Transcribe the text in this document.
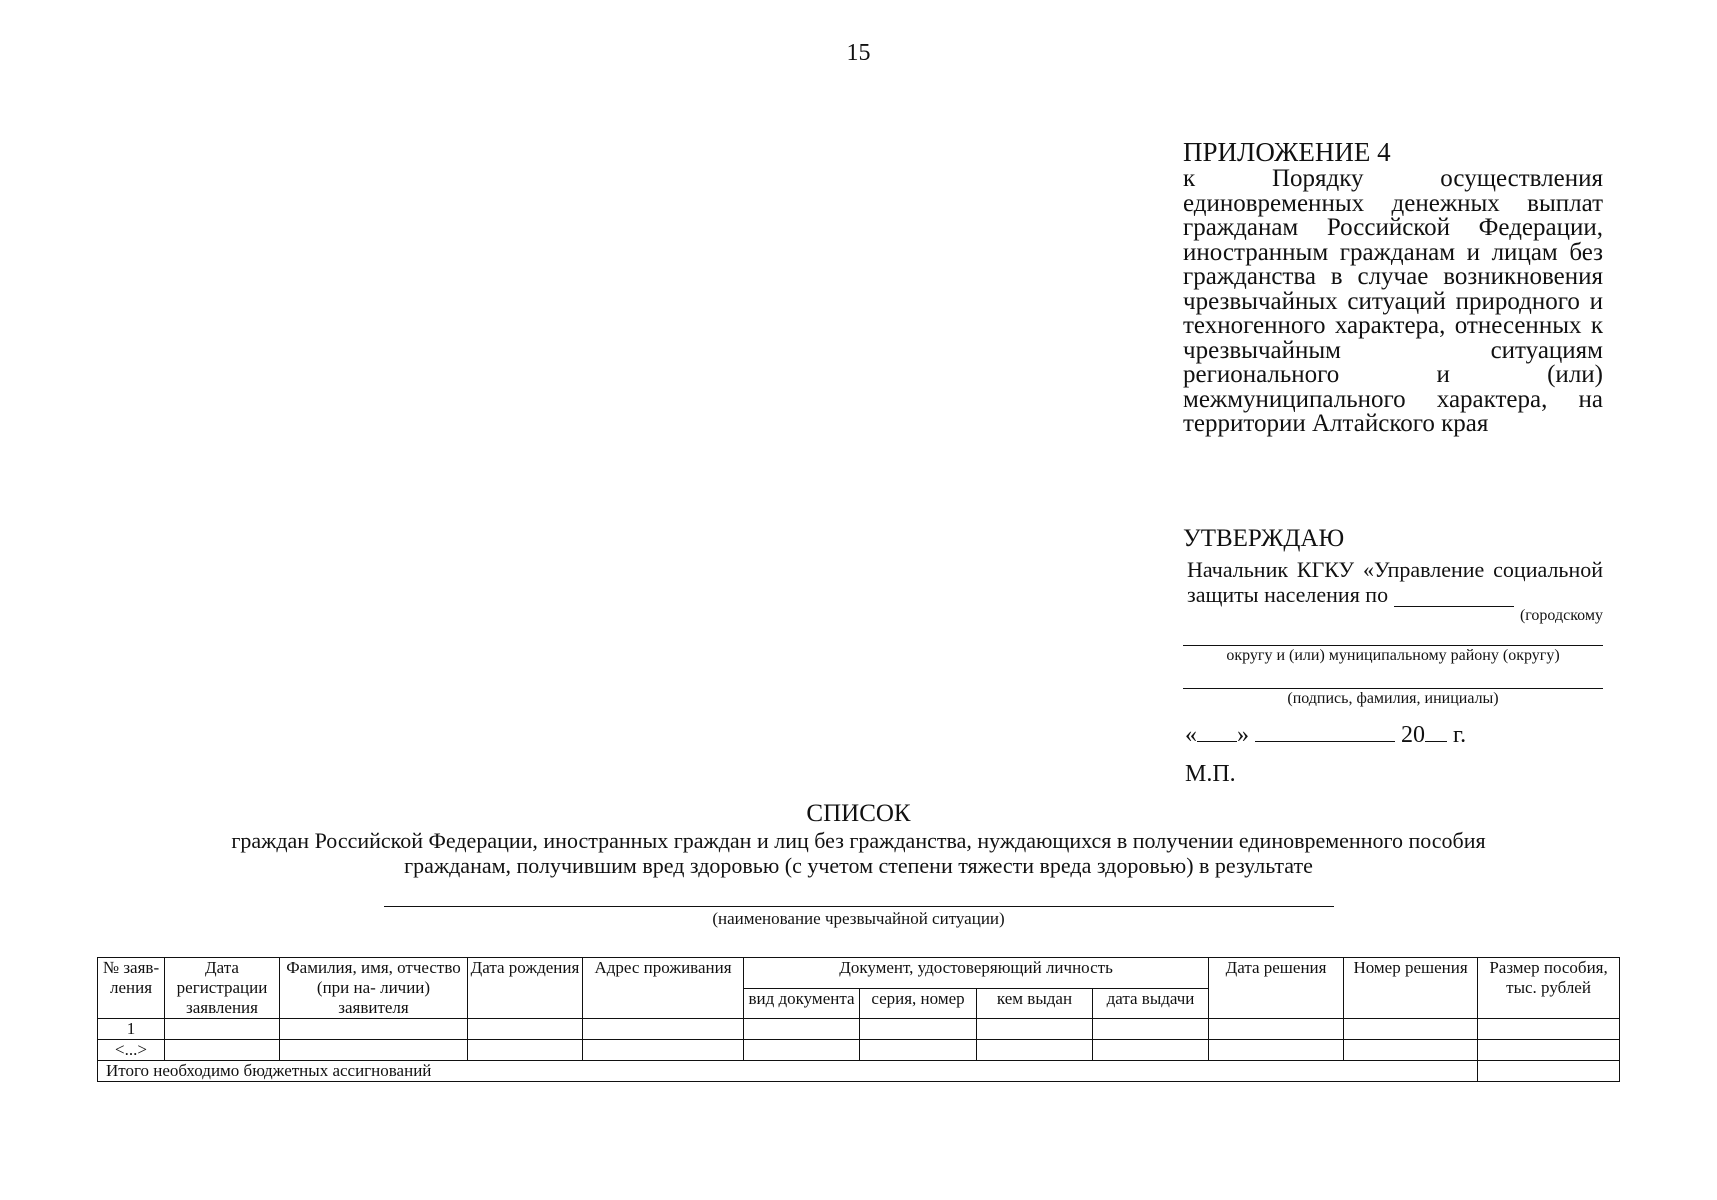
15
ПРИЛОЖЕНИЕ 4
к Порядку осуществления единовременных денежных выплат гражданам Российской Федерации, иностранным гражданам и лицам без гражданства в случае возникновения чрезвычайных ситуаций природного и техногенного характера, отнесенных к чрезвычайным ситуациям регионального и (или) межмуниципального характера, на территории Алтайского края
УТВЕРЖДАЮ
Начальник КГКУ «Управление социальной защиты населения по
(городскому
округу и (или) муниципальному району (округу)
(подпись, фамилия, инициалы)
« »	20 г.
М.П.
СПИСОК
граждан Российской Федерации, иностранных граждан и лиц без гражданства, нуждающихся в получении единовременного пособия гражданам, получившим вред здоровью (с учетом степени тяжести вреда здоровью) в результате
(наименование чрезвычайной ситуации)
№ заяв- ления	Дата регистрации заявления	Фамилия, имя, отчество (при на- личии) заявителя	Дата рождения	Адрес проживания	Документ, удостоверяющий личность				Дата решения	Номер решения	Размер пособия, тыс. рублей
					вид документа	серия, номер	кем выдан	дата выдачи			
1											
<...>											
Итого необходимо бюджетных ассигнований											
